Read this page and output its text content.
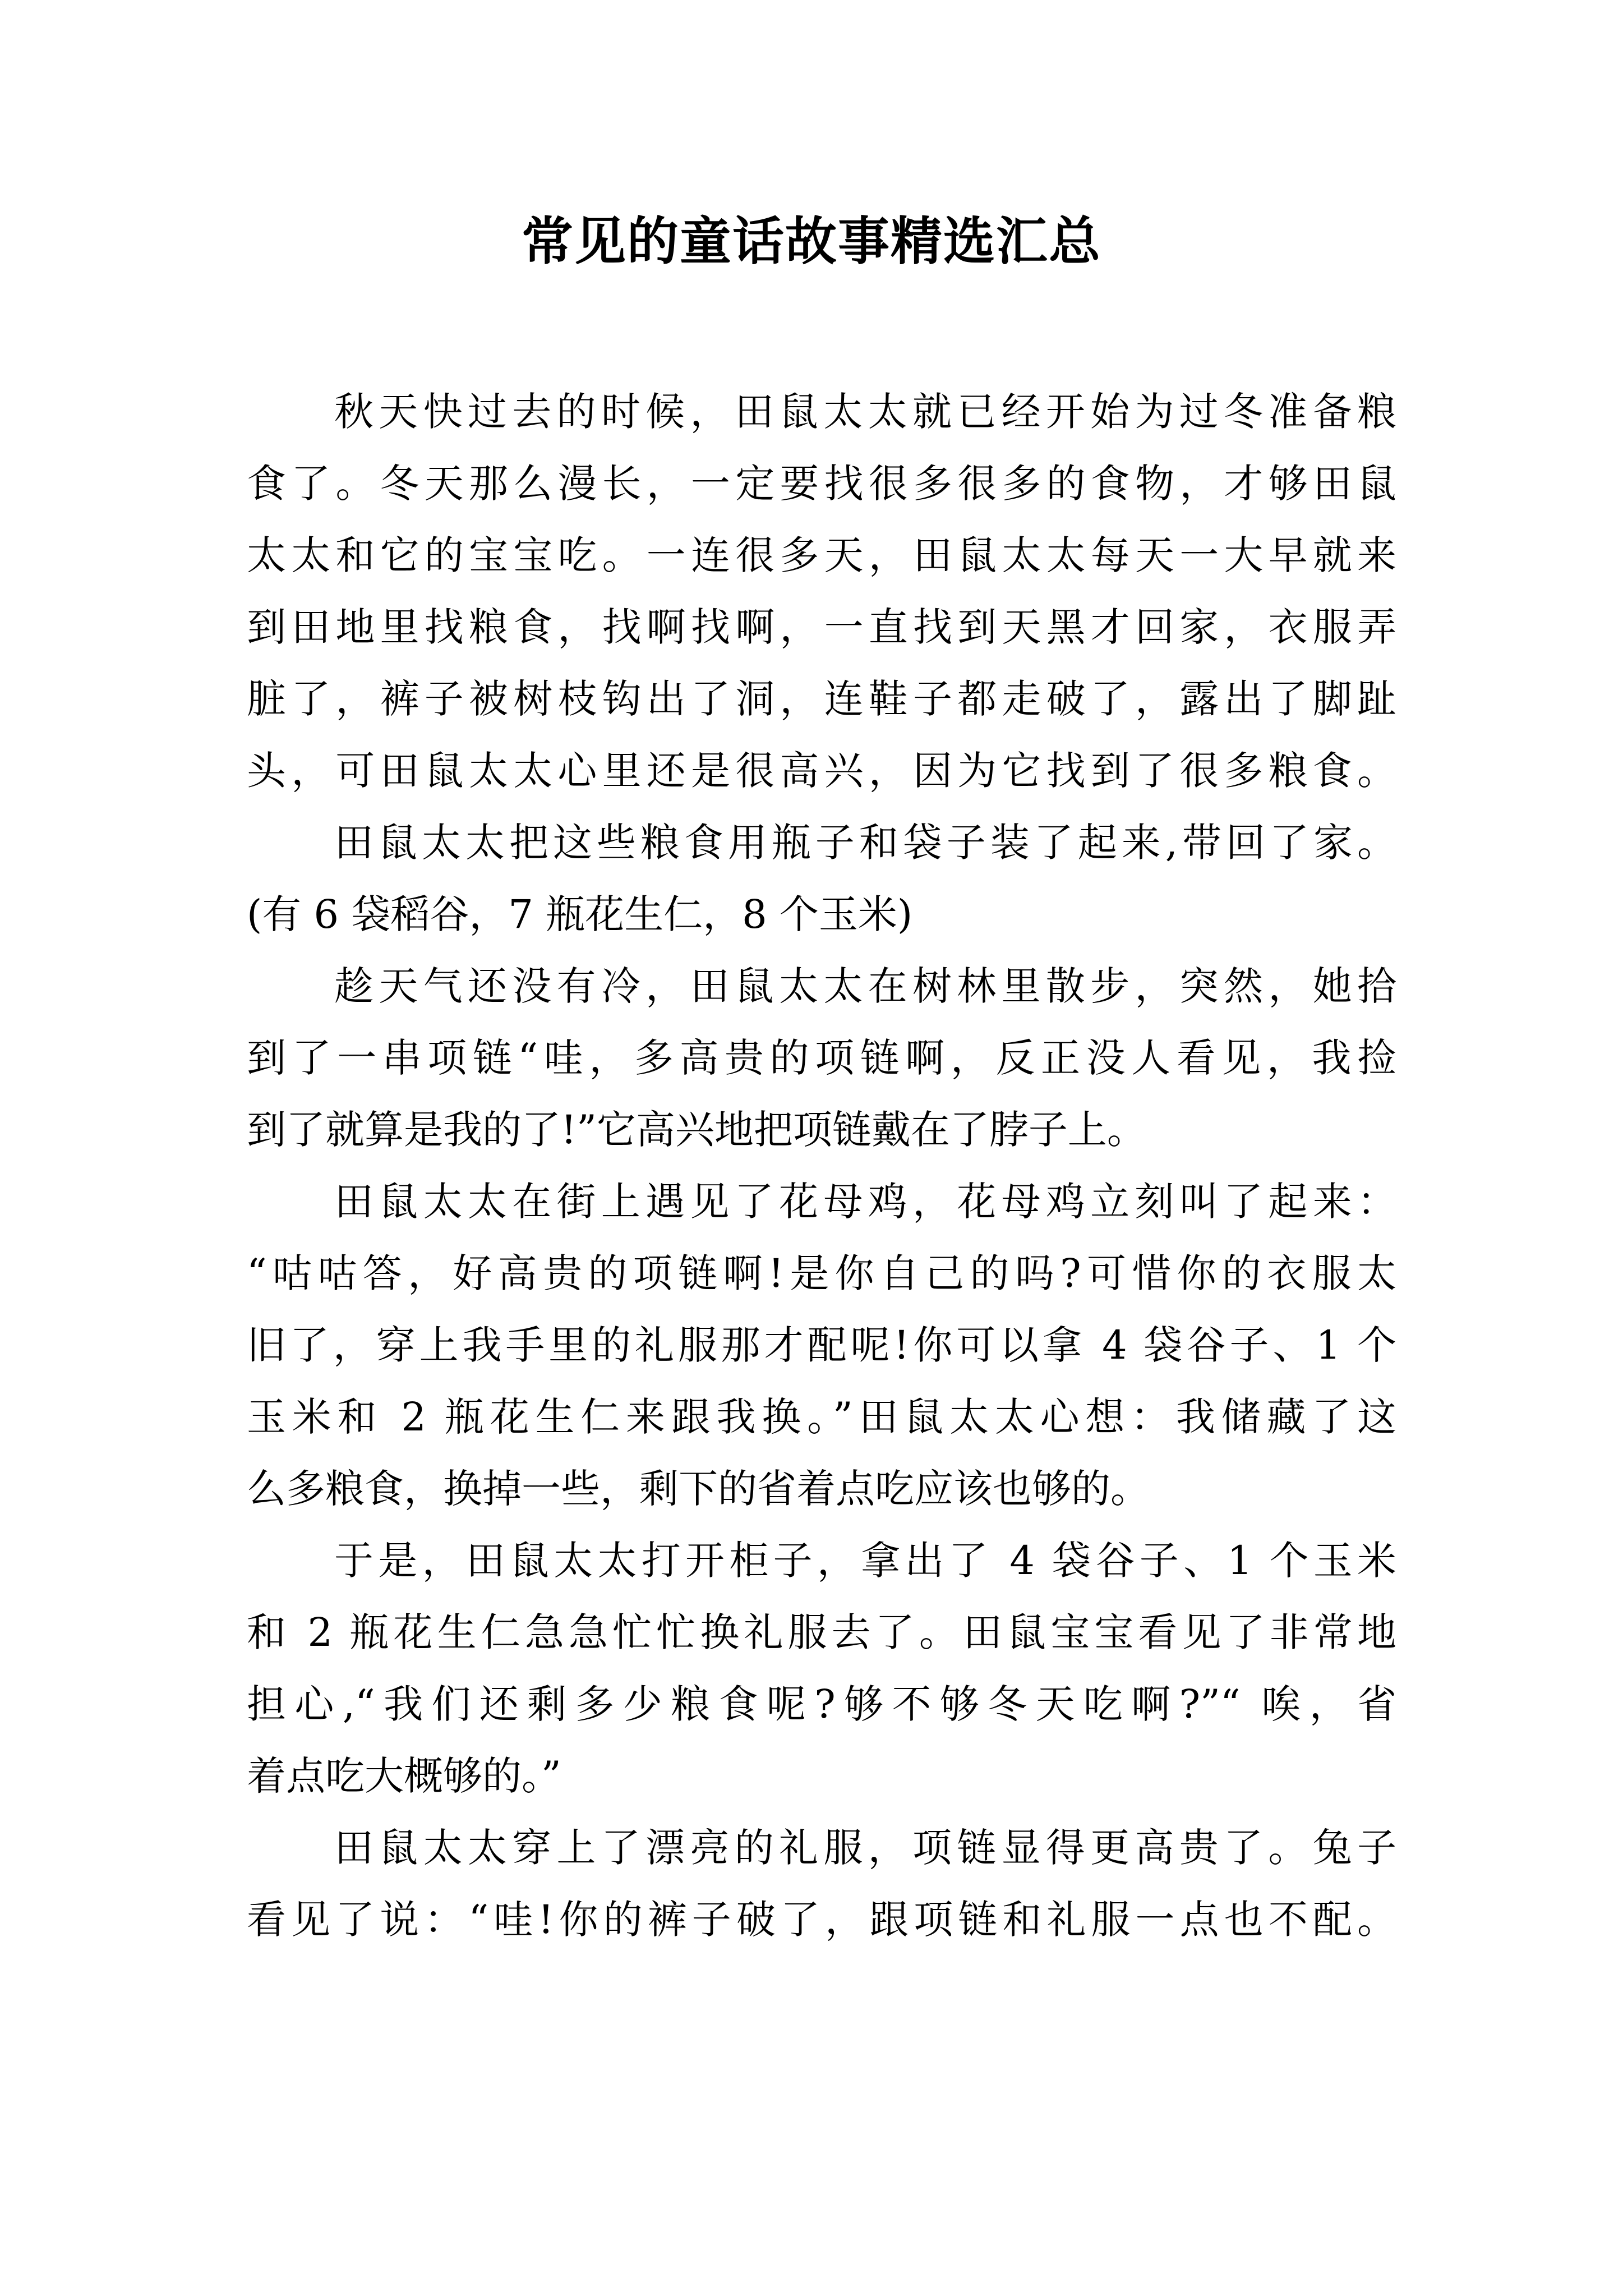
常见的童话故事精选汇总
秋天快过去的时候，田鼠太太就已经开始为过冬准备粮
食了。冬天那么漫长，一定要找很多很多的食物，才够田鼠
太太和它的宝宝吃。一连很多天，田鼠太太每天一大早就来
到田地里找粮食，找啊找啊，一直找到天黑才回家，衣服弄
脏了，裤子被树枝钩出了洞，连鞋子都走破了，露出了脚趾
头，可田鼠太太心里还是很高兴，因为它找到了很多粮食。
田鼠太太把这些粮食用瓶子和袋子装了起来,带回了家。
(有 6 袋稻谷，7 瓶花生仁，8 个玉米)
趁天气还没有冷，田鼠太太在树林里散步，突然，她拾
到了一串项链“哇，多高贵的项链啊，反正没人看见，我捡
到了就算是我的了!”它高兴地把项链戴在了脖子上。
田鼠太太在街上遇见了花母鸡，花母鸡立刻叫了起来：
“咕咕答，好高贵的项链啊!是你自己的吗?可惜你的衣服太
旧了，穿上我手里的礼服那才配呢!你可以拿 4 袋谷子、1 个
玉米和 2 瓶花生仁来跟我换。”田鼠太太心想：我储藏了这
么多粮食，换掉一些，剩下的省着点吃应该也够的。
于是，田鼠太太打开柜子，拿出了 4 袋谷子、1 个玉米
和 2 瓶花生仁急急忙忙换礼服去了。田鼠宝宝看见了非常地
担心,“我们还剩多少粮食呢?够不够冬天吃啊?”“ 唉，省
着点吃大概够的。”
田鼠太太穿上了漂亮的礼服，项链显得更高贵了。兔子
看见了说：“哇!你的裤子破了，跟项链和礼服一点也不配。
